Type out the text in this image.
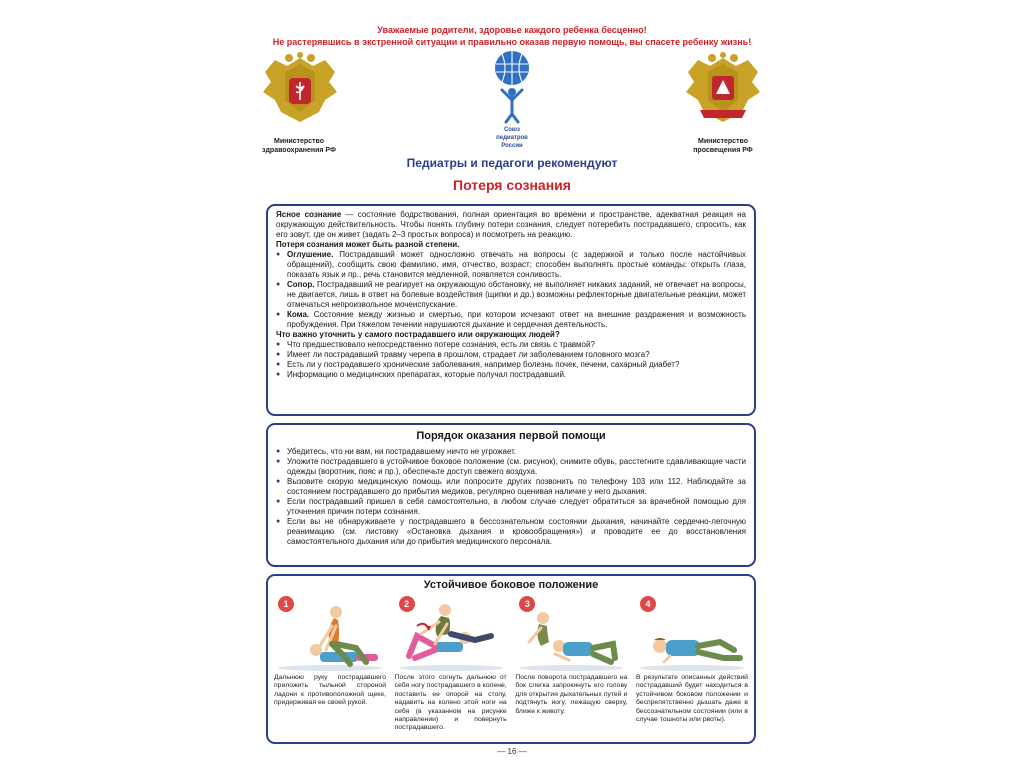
Уважаемые родители, здоровье каждого ребенка бесценно!
Не растерявшись в экстренной ситуации и правильно оказав первую помощь, вы спасете ребенку жизнь!
Министерство
здравоохранения РФ
Союз
педиатров
России
Министерство
просвещения РФ
Педиатры и педагоги рекомендуют
Потеря сознания

Ясное сознание — состояние бодрствования, полная ориентация во времени и пространстве, адекватная реакция на окружающую действительность. Чтобы понять глубину потери сознания, следует потеребить пострадавшего, спросить, как его зовут, где он живет (задать 2–3 простых вопроса) и посмотреть на реакцию.

Потеря сознания может быть разной степени.

● Оглушение. Пострадавший может односложно отвечать на вопросы (с задержкой и только после настойчивых обращений), сообщить свою фамилию, имя, отчество, возраст; способен выполнять простые команды: открыть глаза, показать язык и пр., речь становится медленной, появляется сонливость.
● Сопор. Пострадавший не реагирует на окружающую обстановку, не выполняет никаких заданий, не отвечает на вопросы, не двигается, лишь в ответ на болевые воздействия (щипки и др.) возможны рефлекторные двигательные реакции, может отмечаться непроизвольное мочеиспускание.
● Кома. Состояние между жизнью и смертью, при котором исчезают ответ на внешние раздражения и возможность пробуждения. При тяжелом течении нарушаются дыхание и сердечная деятельность.

Что важно уточнить у самого пострадавшего или окружающих людей?

● Что предшествовало непосредственно потере сознания, есть ли связь с травмой?
● Имеет ли пострадавший травму черепа в прошлом, страдает ли заболеванием головного мозга?
● Есть ли у пострадавшего хронические заболевания, например болезнь почек, печени, сахарный диабет?
● Информацию о медицинских препаратах, которые получал пострадавший.
Порядок оказания первой помощи
● Убедитесь, что ни вам, ни пострадавшему ничто не угрожает.
● Уложите пострадавшего в устойчивое боковое положение (см. рисунок), снимите обувь, расстегните сдавливающие части одежды (воротник, пояс и пр.), обеспечьте доступ свежего воздуха.
● Вызовите скорую медицинскую помощь или попросите других позвонить по телефону 103 или 112. Наблюдайте за состоянием пострадавшего до прибытия медиков, регулярно оценивая наличие у него дыхания.
● Если пострадавший пришел в себя самостоятельно, в любом случае следует обратиться за врачебной помощью для уточнения причин потери сознания.
● Если вы не обнаруживаете у пострадавшего в бессознательном состоянии дыхания, начинайте сердечно-легочную реанимацию (см. листовку «Остановка дыхания и кровообращения») и проводите ее до восстановления самостоятельного дыхания или до прибытия медицинского персонала.
Устойчивое боковое положение
1
Дальнюю руку пострадавшего приложить тыльной стороной ладони к противоположной щеке, придерживая ее своей рукой.
2
После этого согнуть дальнюю от себя ногу пострадавшего в колене, поставить ее опорой на стопу, надавить на колено этой ноги на себя (в указанном на рисунке направлении) и повернуть пострадавшего.
3
После поворота пострадавшего на бок слегка запрокинуть его голову для открытия дыхательных путей и подтянуть ногу, лежащую сверху, ближе к животу.
4
В результате описанных действий пострадавший будет находиться в устойчивом боковом положении и беспрепятственно дышать даже в бессознательном состоянии (или в случае тошноты или рвоты).
— 16 —
